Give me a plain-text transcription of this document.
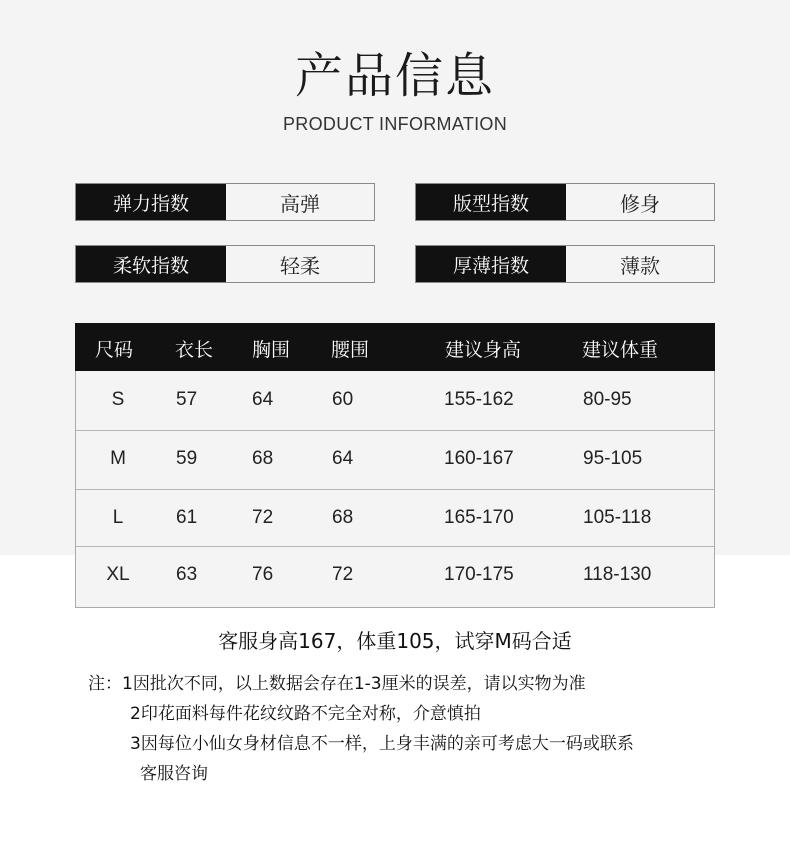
产品信息
PRODUCT INFORMATION
弹力指数	高弹	版型指数	修身
柔软指数	轻柔	厚薄指数	薄款
尺码 衣长 胸围 腰围	建议身高	建议体重
S	57	64	60	155-162	80-95
M	59	68	64	160-167	95-105
L	61	72	68	165-170	105-118
XL	63	76	72	170-175	118-130
客服身高167，体重105，试穿M码合适
注：1因批次不同，以上数据会存在1-3厘米的误差，请以实物为准
2印花面料每件花纹纹路不完全对称，介意慎拍
3因每位小仙女身材信息不一样，上身丰满的亲可考虑大一码或联系
客服咨询
